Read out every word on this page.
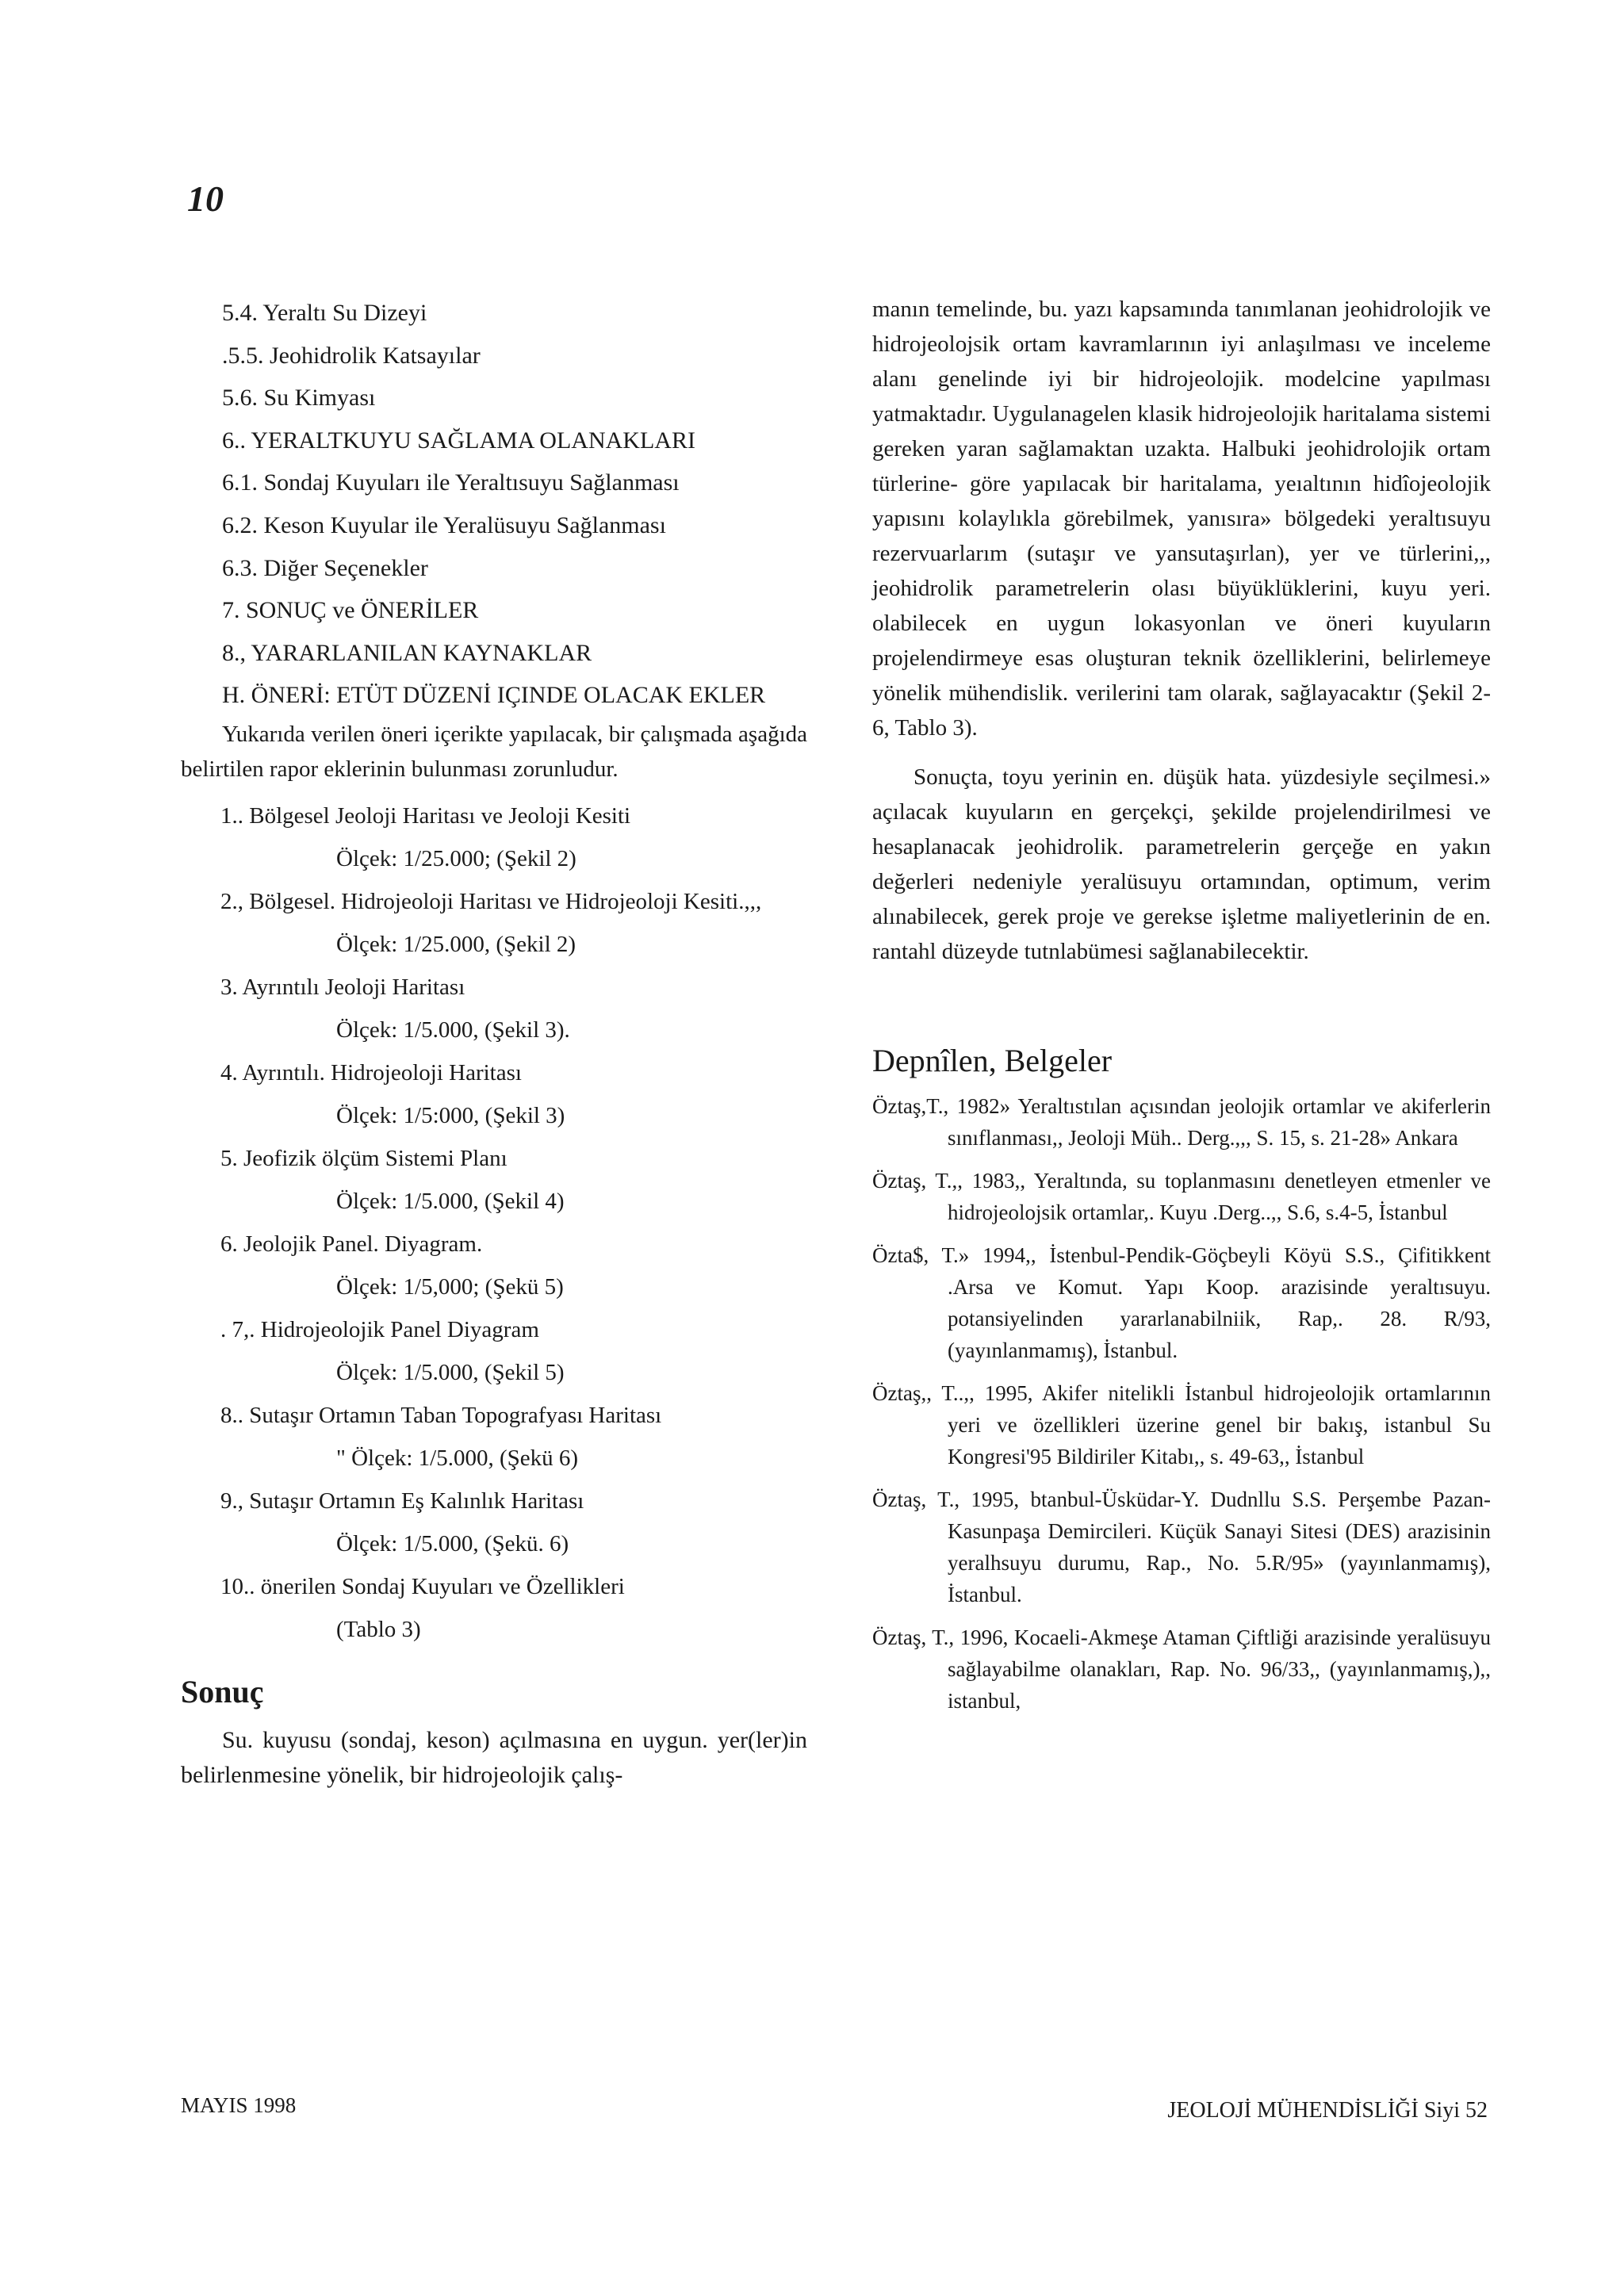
10
5.4. Yeraltı Su Dizeyi
.5.5. Jeohidrolik Katsayılar
5.6. Su Kimyası
6.. YERALTKUYU SAĞLAMA OLANAKLARI
6.1. Sondaj Kuyuları ile Yeraltısuyu Sağlanması
6.2. Keson Kuyular ile Yeralüsuyu Sağlanması
6.3. Diğer Seçenekler
7. SONUÇ ve ÖNERİLER
8., YARARLANILAN KAYNAKLAR
H. ÖNERİ: ETÜT DÜZENİ IÇINDE OLACAK EKLER

Yukarıda verilen öneri içerikte yapılacak, bir çalışmada aşağıda belirtilen rapor eklerinin bulunması zorunludur.

1.. Bölgesel Jeoloji Haritası ve Jeoloji Kesiti
Ölçek: 1/25.000; (Şekil 2)
2., Bölgesel. Hidrojeoloji Haritası ve Hidrojeoloji Kesiti.,,,
Ölçek: 1/25.000, (Şekil 2)
3. Ayrıntılı Jeoloji Haritası
Ölçek: 1/5.000, (Şekil 3).
4. Ayrıntılı. Hidrojeoloji Haritası
Ölçek: 1/5:000, (Şekil 3)
5. Jeofizik ölçüm Sistemi Planı
Ölçek: 1/5.000, (Şekil 4)
6. Jeolojik Panel. Diyagram.
Ölçek: 1/5,000; (Şekü 5)
. 7,. Hidrojeolojik Panel Diyagram
Ölçek: 1/5.000, (Şekil 5)
8.. Sutaşır Ortamın Taban Topografyası Haritası
" Ölçek: 1/5.000, (Şekü 6)
9., Sutaşır Ortamın Eş Kalınlık Haritası
Ölçek: 1/5.000, (Şekü. 6)
10.. önerilen Sondaj Kuyuları ve Özellikleri
(Tablo 3)
Sonuç

Su. kuyusu (sondaj, keson) açılmasına en uygun. yer(ler)in belirlenmesine yönelik, bir hidrojeolojik çalış-

manın temelinde, bu. yazı kapsamında tanımlanan jeohidrolojik ve hidrojeolojsik ortam kavramlarının iyi anlaşılması ve inceleme alanı genelinde iyi bir hidrojeolojik. modelcine yapılması yatmaktadır. Uygulanagelen klasik hidrojeolojik haritalama sistemi gereken yaran sağlamaktan uzakta. Halbuki jeohidrolojik ortam türlerine- göre yapılacak bir haritalama, yeıaltının hidîojeolojik yapısını kolaylıkla görebilmek, yanısıra» bölgedeki yeraltısuyu rezervuarlarım (sutaşır ve yansutaşırlan), yer ve türlerini,,, jeohidrolik parametrelerin olası büyüklüklerini, kuyu yeri. olabilecek en uygun lokasyonlan ve öneri kuyuların projelendirmeye esas oluşturan teknik özelliklerini, belirlemeye yönelik mühendislik. verilerini tam olarak, sağlayacaktır (Şekil 2-6, Tablo 3).

Sonuçta, toyu yerinin en. düşük hata. yüzdesiyle seçilmesi.» açılacak kuyuların en gerçekçi, şekilde projelendirilmesi ve hesaplanacak jeohidrolik. parametrelerin gerçeğe en yakın değerleri nedeniyle yeralüsuyu ortamından, optimum, verim alınabilecek, gerek proje ve gerekse işletme maliyetlerinin de en. rantahl düzeyde tutnlabümesi sağlanabilecektir.

Depnîlen, Belgeler
Öztaş,T., 1982» Yeraltıstılan açısından jeolojik ortamlar ve akiferlerin sınıflanması,, Jeoloji Müh.. Derg.,,, S. 15, s. 21-28» Ankara
Öztaş, T.,, 1983,, Yeraltında, su toplanmasını denetleyen etmenler ve hidrojeolojsik ortamlar,. Kuyu .Derg..,, S.6, s.4-5, İstanbul
Özta$, T.» 1994,, İstenbul-Pendik-Göçbeyli Köyü S.S., Çifitikkent .Arsa ve Komut. Yapı Koop. arazisinde yeraltısuyu. potansiyelinden yararlanabilniik, Rap,. 28. R/93, (yayınlanmamış), İstanbul.
Öztaş,, T..,, 1995, Akifer nitelikli İstanbul hidrojeolojik ortamlarının yeri ve özellikleri üzerine genel bir bakış, istanbul Su Kongresi'95 Bildiriler Kitabı,, s. 49-63,, İstanbul
Öztaş, T., 1995, btanbul-Üsküdar-Y. Dudnllu S.S. Perşembe Pazan-Kasunpaşa Demircileri. Küçük Sanayi Sitesi (DES) arazisinin yeralhsuyu durumu, Rap., No. 5.R/95» (yayınlanmamış), İstanbul.
Öztaş, T., 1996, Kocaeli-Akmeşe Ataman Çiftliği arazisinde yeralüsuyu sağlayabilme olanakları, Rap. No. 96/33,, (yayınlanmamış,),, istanbul,
MAYIS 1998	JEOLOJİ MÜHENDİSLİĞİ Siyi 52
